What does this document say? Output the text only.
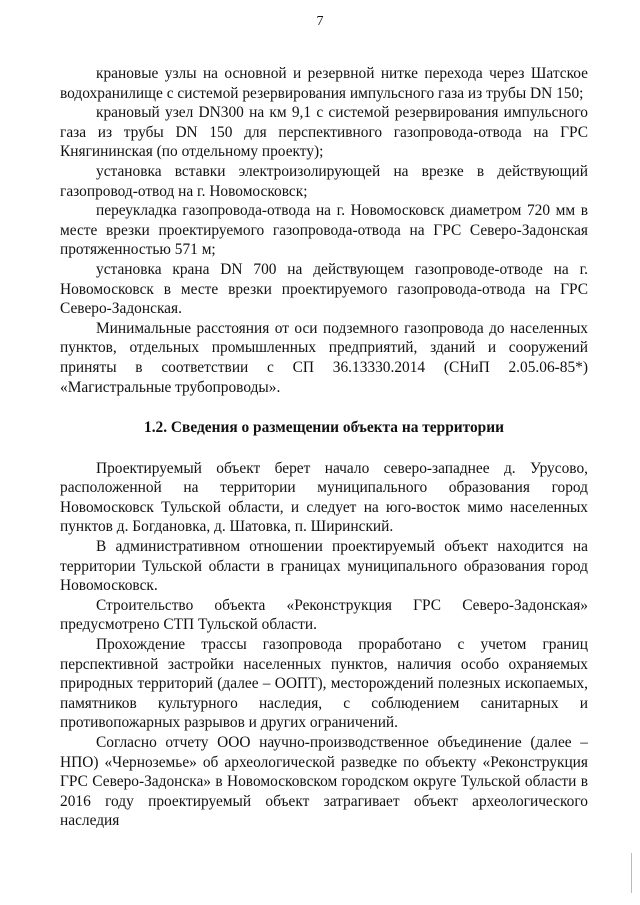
7

крановые узлы на основной и резервной нитке перехода через Шатское водохранилище с системой резервирования импульсного газа из трубы DN 150;

крановый узел DN300 на км 9,1 с системой резервирования импульсного газа из трубы DN 150 для перспективного газопровода-отвода на ГРС Княгининская (по отдельному проекту);

установка вставки электроизолирующей на врезке в действующий газопровод-отвод на г. Новомосковск;

переукладка газопровода-отвода на г. Новомосковск диаметром 720 мм в месте врезки проектируемого газопровода-отвода на ГРС Северо-Задонская протяженностью 571 м;

установка крана DN 700 на действующем газопроводе-отводе на г. Новомосковск в месте врезки проектируемого газопровода-отвода на ГРС Северо-Задонская.

Минимальные расстояния от оси подземного газопровода до населенных пунктов, отдельных промышленных предприятий, зданий и сооружений приняты в соответствии с СП 36.13330.2014 (СНиП 2.05.06-85*) «Магистральные трубопроводы».

1.2. Сведения о размещении объекта на территории

Проектируемый объект берет начало северо-западнее д. Урусово, расположенной на территории муниципального образования город Новомосковск Тульской области, и следует на юго-восток мимо населенных пунктов д. Богдановка, д. Шатовка, п. Ширинский.

В административном отношении проектируемый объект находится на территории Тульской области в границах муниципального образования город Новомосковск.

Строительство объекта «Реконструкция ГРС Северо-Задонская» предусмотрено СТП Тульской области.

Прохождение трассы газопровода проработано с учетом границ перспективной застройки населенных пунктов, наличия особо охраняемых природных территорий (далее – ООПТ), месторождений полезных ископаемых, памятников культурного наследия, с соблюдением санитарных и противопожарных разрывов и других ограничений.

Согласно отчету ООО научно-производственное объединение (далее – НПО) «Черноземье» об археологической разведке по объекту «Реконструкция ГРС Северо-Задонска» в Новомосковском городском округе Тульской области в 2016 году проектируемый объект затрагивает объект археологического наследия
